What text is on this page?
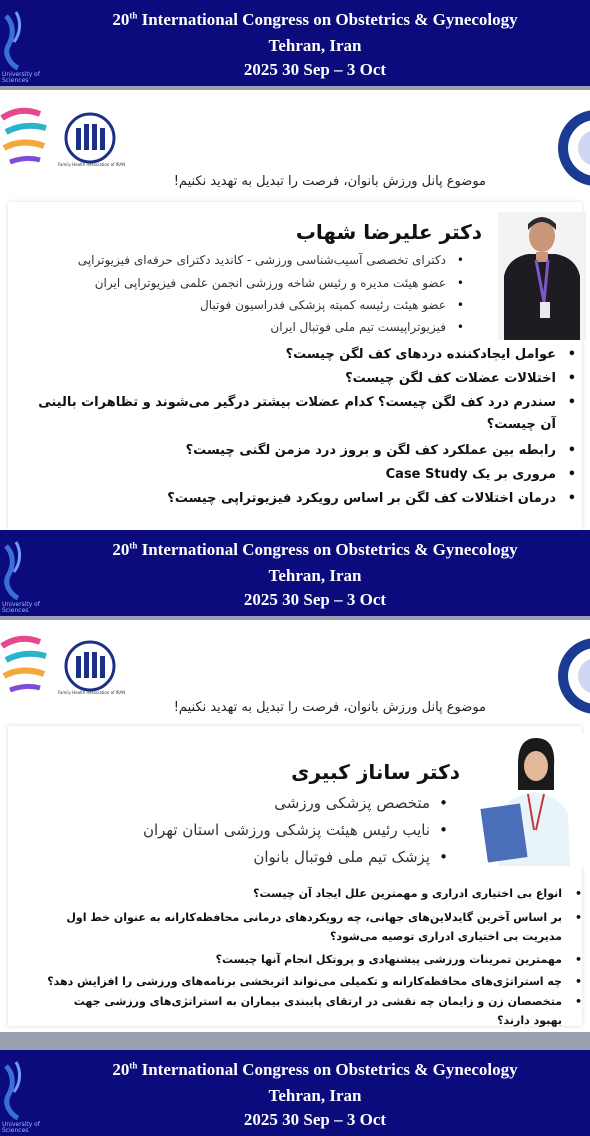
University of
Sciences
20th International Congress on Obstetrics & Gynecology
Tehran, Iran
2025 30 Sep – 3 Oct
Family Health Association of IRAN
موضوع پانل ورزش بانوان، فرصت را تبدیل به تهدید نکنیم!
دکتر علیرضا شهاب
دکترای تخصصی آسیب‌شناسی ورزشی - کاندید دکترای حرفه‌ای فیزیوتراپی •
عضو هیئت مدیره و رئیس شاخه ورزشی انجمن علمی فیزیوتراپی ایران •
عضو هیئت رئیسه کمیته پزشکی فدراسیون فوتبال •
فیزیوتراپیست تیم ملی فوتبال ایران •
•
عوامل ایجادکننده دردهای کف لگن چیست؟
•
اختلالات عضلات کف لگن چیست؟
•
سندرم درد کف لگن چیست؟ کدام عضلات بیشتر درگیر می‌شوند و تظاهرات بالینی آن چیست؟
•
رابطه بین عملکرد کف لگن و بروز درد مزمن لگنی چیست؟
•
مروری بر یک Case Study
•
درمان اختلالات کف لگن بر اساس رویکرد فیزیوتراپی چیست؟
University of
Sciences
20th International Congress on Obstetrics & Gynecology
Tehran, Iran
2025 30 Sep – 3 Oct
Family Health Association of IRAN
موضوع پانل ورزش بانوان، فرصت را تبدیل به تهدید نکنیم!
دکتر ساناز کبیری
متخصص پزشکی ورزشی •
نایب رئیس هیئت پزشکی ورزشی استان تهران •
پزشک تیم ملی فوتبال بانوان •
•
انواع بی اختیاری ادراری و مهمترین علل ایجاد آن چیست؟
•
بر اساس آخرین گایدلاین‌های جهانی، چه رویکردهای درمانی محافظه‌کارانه به عنوان خط اول مدیریت بی اختیاری ادراری توصیه می‌شود؟
•
مهمترین تمرینات ورزشی پیشنهادی و پروتکل انجام آنها چیست؟
•
چه استراتژی‌های محافظه‌کارانه و تکمیلی می‌تواند اثربخشی برنامه‌های ورزشی را افزایش دهد؟
•
متخصصان زن و زایمان چه نقشی در ارتقای پایبندی بیماران به استراتژی‌های ورزشی جهت بهبود دارند؟
University of
Sciences
20th International Congress on Obstetrics & Gynecology
Tehran, Iran
2025 30 Sep – 3 Oct
